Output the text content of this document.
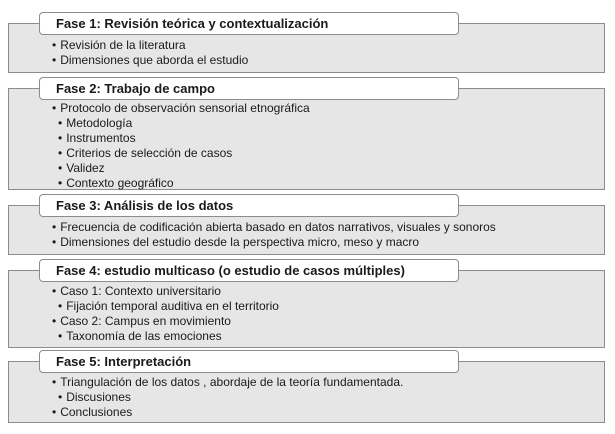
Fase 1: Revisión teórica y contextualización
• Revisión de la literatura
• Dimensiones que aborda el estudio
Fase 2: Trabajo de campo
• Protocolo de observación sensorial etnográfica
• Metodología
• Instrumentos
• Criterios de selección de casos
• Validez
• Contexto geográfico
Fase 3: Análisis de los datos
• Frecuencia de codificación abierta basado en datos narrativos, visuales y sonoros
• Dimensiones del estudio desde la perspectiva micro, meso y macro
Fase 4: estudio multicaso (o estudio de casos múltiples)
• Caso 1: Contexto universitario
• Fijación temporal auditiva en el territorio
• Caso 2: Campus en movimiento
• Taxonomía de las emociones
Fase 5: Interpretación
• Triangulación de los datos , abordaje de la teoría fundamentada.
• Discusiones
• Conclusiones
